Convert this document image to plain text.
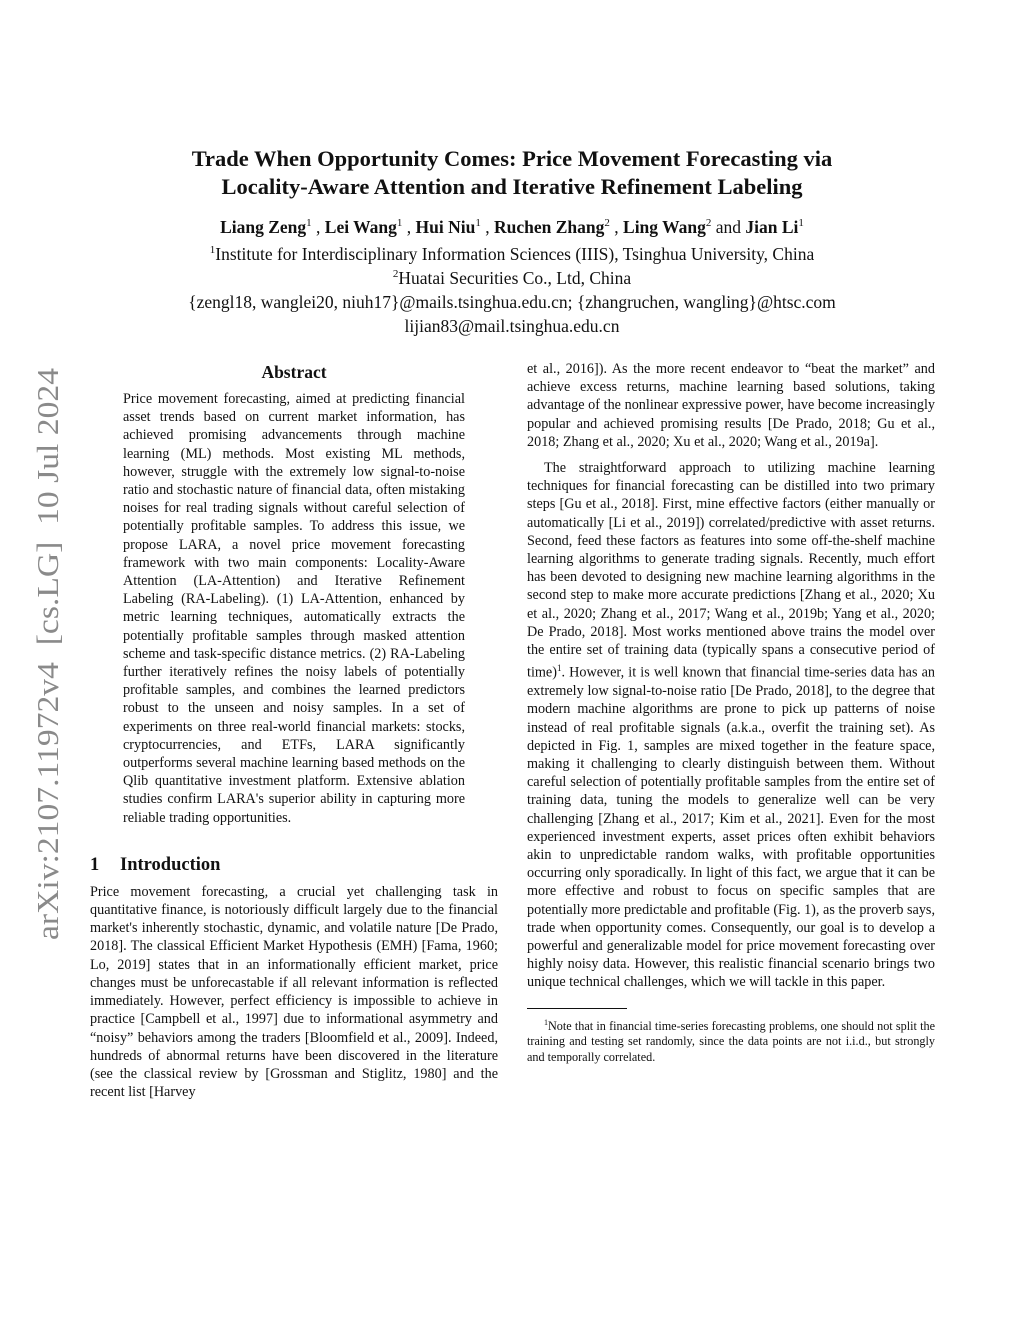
arXiv:2107.11972v4  [cs.LG]  10 Jul 2024
Trade When Opportunity Comes: Price Movement Forecasting via
Locality-Aware Attention and Iterative Refinement Labeling
Liang Zeng$^1$ , Lei Wang$^1$ , Hui Niu$^1$ , Ruchen Zhang$^2$ , Ling Wang$^2$ and Jian Li$^1$
$^1$Institute for Interdisciplinary Information Sciences (IIIS), Tsinghua University, China
$^2$Huatai Securities Co., Ltd, China
{zengl18, wanglei20, niuh17}@mails.tsinghua.edu.cn; {zhangruchen, wangling}@htsc.com
lijian83@mail.tsinghua.edu.cn
Abstract
Price movement forecasting, aimed at predicting financial asset trends based on current market information, has achieved promising advancements through machine learning (ML) methods. Most existing ML methods, however, struggle with the extremely low signal-to-noise ratio and stochastic nature of financial data, often mistaking noises for real trading signals without careful selection of potentially profitable samples. To address this issue, we propose LARA, a novel price movement forecasting framework with two main components: Locality-Aware Attention (LA-Attention) and Iterative Refinement Labeling (RA-Labeling). (1) LA-Attention, enhanced by metric learning techniques, automatically extracts the potentially profitable samples through masked attention scheme and task-specific distance metrics. (2) RA-Labeling further iteratively refines the noisy labels of potentially profitable samples, and combines the learned predictors robust to the unseen and noisy samples. In a set of experiments on three real-world financial markets: stocks, cryptocurrencies, and ETFs, LARA significantly outperforms several machine learning based methods on the Qlib quantitative investment platform. Extensive ablation studies confirm LARA's superior ability in capturing more reliable trading opportunities.
1 Introduction

Price movement forecasting, a crucial yet challenging task in quantitative finance, is notoriously difficult largely due to the financial market's inherently stochastic, dynamic, and volatile nature [De Prado, 2018]. The classical Efficient Market Hypothesis (EMH) [Fama, 1960; Lo, 2019] states that in an informationally efficient market, price changes must be unforecastable if all relevant information is reflected immediately. However, perfect efficiency is impossible to achieve in practice [Campbell et al., 1997] due to informational asymmetry and “noisy” behaviors among the traders [Bloomfield et al., 2009]. Indeed, hundreds of abnormal returns have been discovered in the literature (see the classical review by [Grossman and Stiglitz, 1980] and the recent list [Harvey

et al., 2016]). As the more recent endeavor to “beat the market” and achieve excess returns, machine learning based solutions, taking advantage of the nonlinear expressive power, have become increasingly popular and achieved promising results [De Prado, 2018; Gu et al., 2018; Zhang et al., 2020; Xu et al., 2020; Wang et al., 2019a].

The straightforward approach to utilizing machine learning techniques for financial forecasting can be distilled into two primary steps [Gu et al., 2018]. First, mine effective factors (either manually or automatically [Li et al., 2019]) correlated/predictive with asset returns. Second, feed these factors as features into some off-the-shelf machine learning algorithms to generate trading signals. Recently, much effort has been devoted to designing new machine learning algorithms in the second step to make more accurate predictions [Zhang et al., 2020; Xu et al., 2020; Zhang et al., 2017; Wang et al., 2019b; Yang et al., 2020; De Prado, 2018]. Most works mentioned above trains the model over the entire set of training data (typically spans a consecutive period of time)$^1$. However, it is well known that financial time-series data has an extremely low signal-to-noise ratio [De Prado, 2018], to the degree that modern machine algorithms are prone to pick up patterns of noise instead of real profitable signals (a.k.a., overfit the training set). As depicted in Fig. 1, samples are mixed together in the feature space, making it challenging to clearly distinguish between them. Without careful selection of potentially profitable samples from the entire set of training data, tuning the models to generalize well can be very challenging [Zhang et al., 2017; Kim et al., 2021]. Even for the most experienced investment experts, asset prices often exhibit behaviors akin to unpredictable random walks, with profitable opportunities occurring only sporadically. In light of this fact, we argue that it can be more effective and robust to focus on specific samples that are potentially more predictable and profitable (Fig. 1), as the proverb says, trade when opportunity comes. Consequently, our goal is to develop a powerful and generalizable model for price movement forecasting over highly noisy data. However, this realistic financial scenario brings two unique technical challenges, which we will tackle in this paper.

$^1$Note that in financial time-series forecasting problems, one should not split the training and testing set randomly, since the data points are not i.i.d., but strongly and temporally correlated.
